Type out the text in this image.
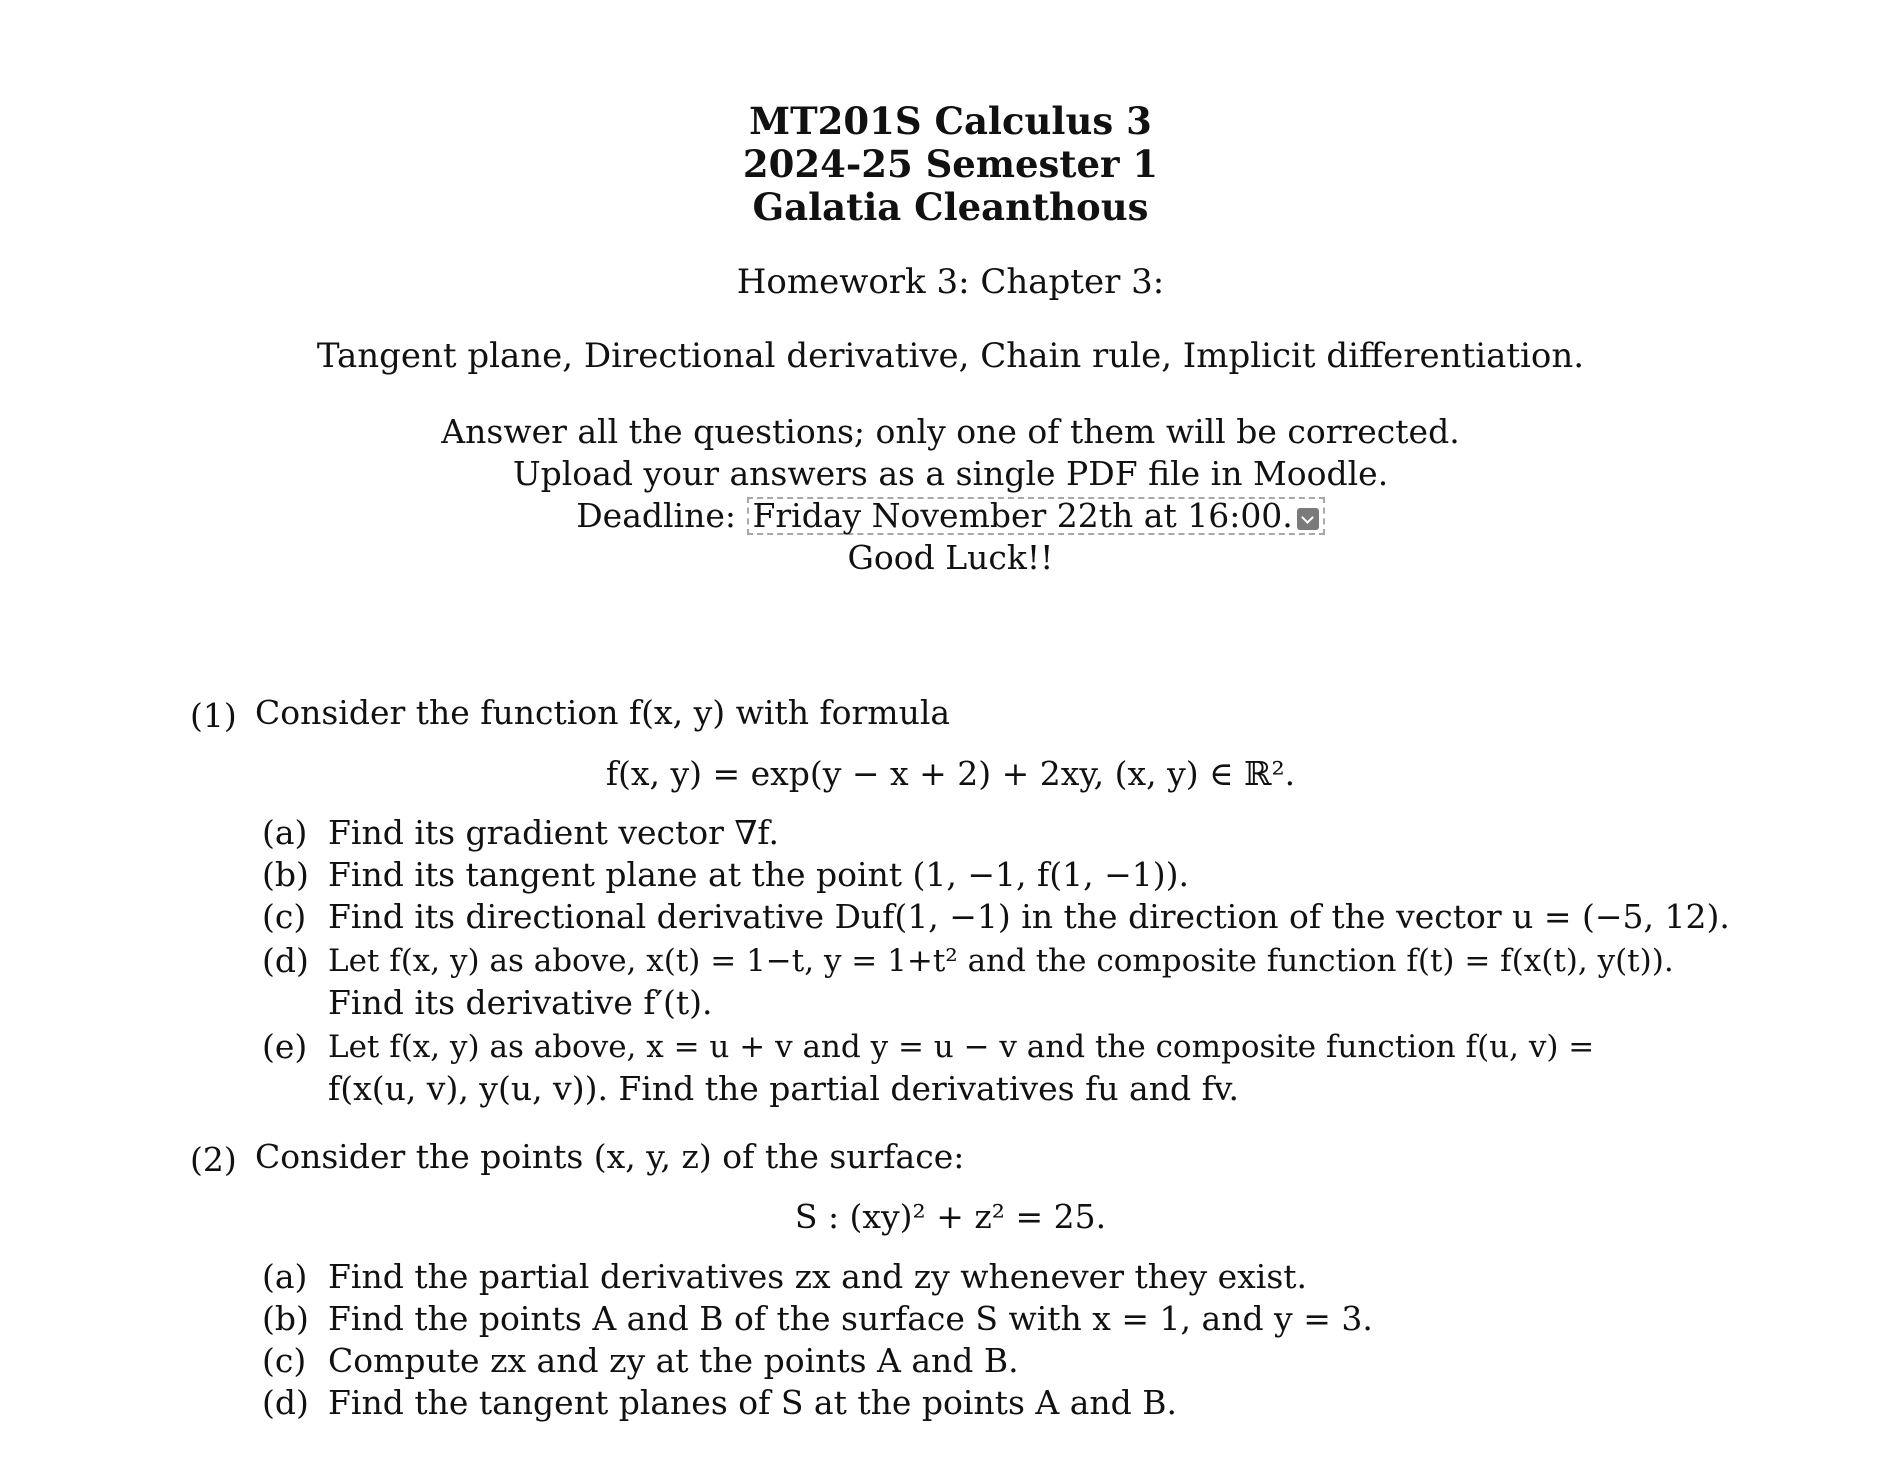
MT201S Calculus 3
2024-25 Semester 1
Galatia Cleanthous
Homework 3: Chapter 3:
Tangent plane, Directional derivative, Chain rule, Implicit differentiation.
Answer all the questions; only one of them will be corrected.
Upload your answers as a single PDF file in Moodle.
Deadline: Friday November 22th at 16:00.
Good Luck!!
(1) Consider the function f(x, y) with formula
f(x, y) = exp(y − x + 2) + 2xy, (x, y) ∈ ℝ².
(a) Find its gradient vector ∇f.
(b) Find its tangent plane at the point (1, −1, f(1, −1)).
(c) Find its directional derivative Duf(1, −1) in the direction of the vector u = (−5, 12).
(d) Let f(x, y) as above, x(t) = 1−t, y = 1+t² and the composite function f(t) = f(x(t), y(t)).
Find its derivative f′(t).
(e) Let f(x, y) as above, x = u + v and y = u − v and the composite function f(u, v) =
f(x(u, v), y(u, v)). Find the partial derivatives fu and fv.
(2) Consider the points (x, y, z) of the surface:
S : (xy)² + z² = 25.
(a) Find the partial derivatives zx and zy whenever they exist.
(b) Find the points A and B of the surface S with x = 1, and y = 3.
(c) Compute zx and zy at the points A and B.
(d) Find the tangent planes of S at the points A and B.
